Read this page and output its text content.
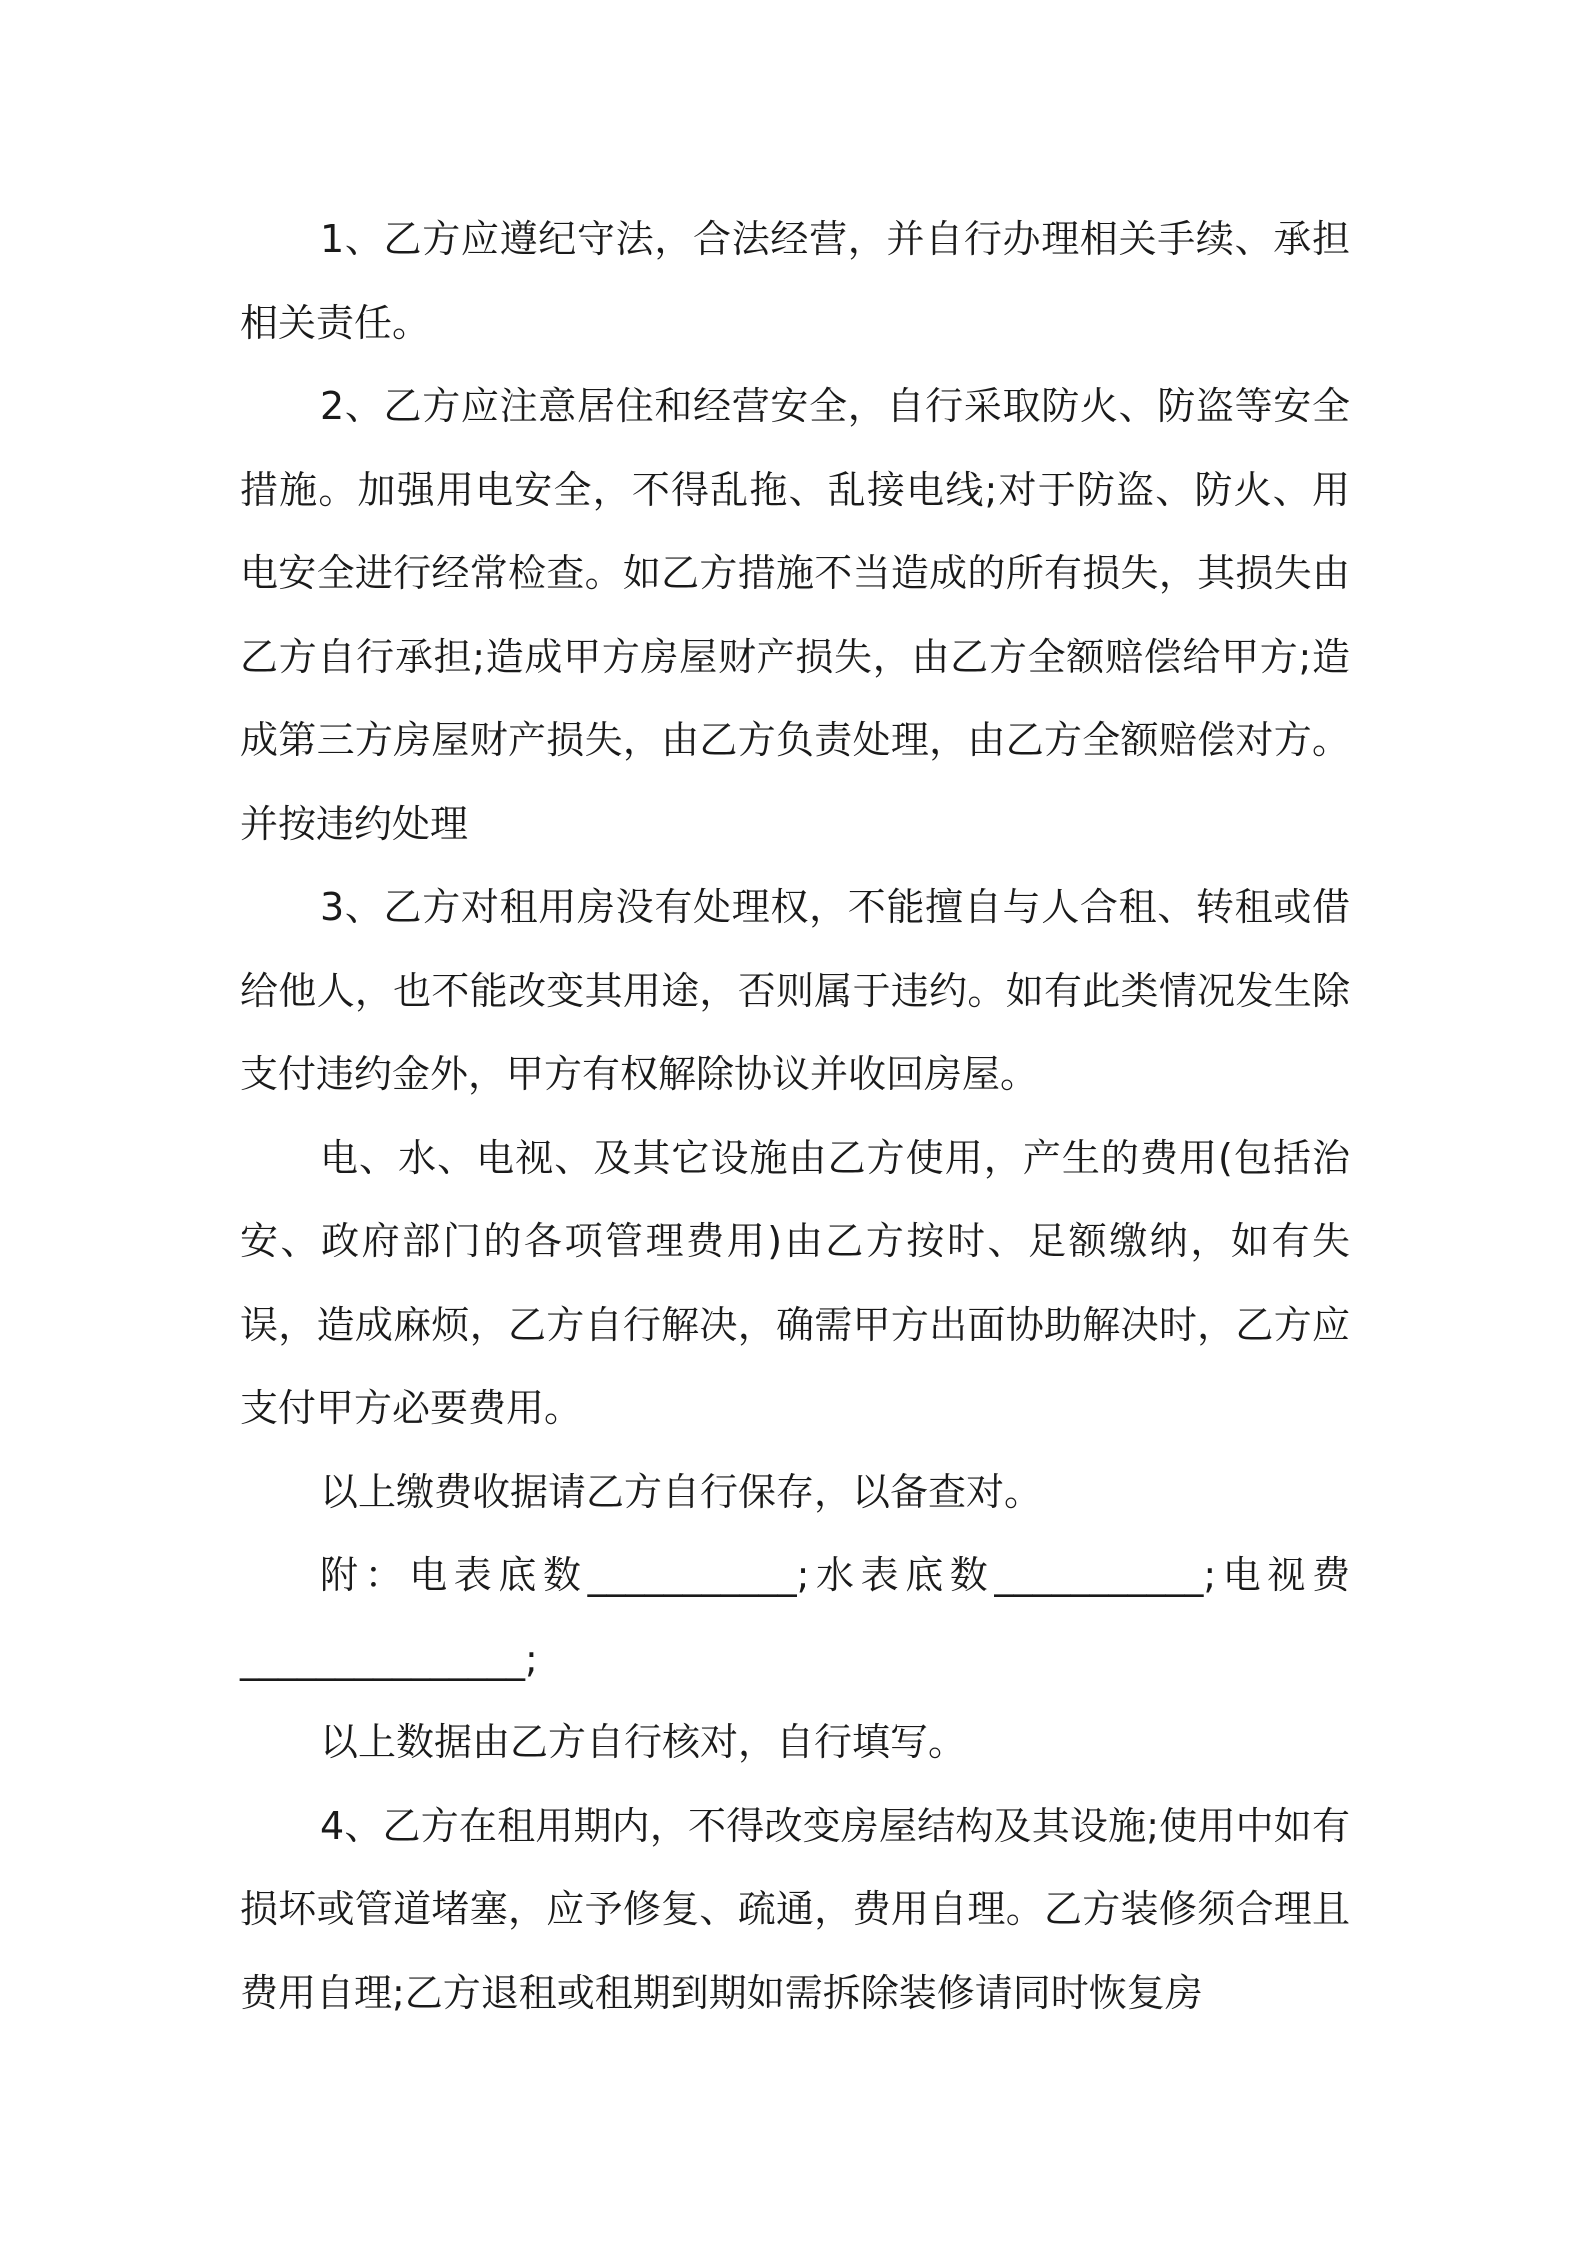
1、乙方应遵纪守法，合法经营，并自行办理相关手续、承担相关责任。

2、乙方应注意居住和经营安全，自行采取防火、防盗等安全措施。加强用电安全，不得乱拖、乱接电线;对于防盗、防火、用电安全进行经常检查。如乙方措施不当造成的所有损失，其损失由乙方自行承担;造成甲方房屋财产损失，由乙方全额赔偿给甲方;造成第三方房屋财产损失，由乙方负责处理，由乙方全额赔偿对方。并按违约处理

3、乙方对租用房没有处理权，不能擅自与人合租、转租或借给他人，也不能改变其用途，否则属于违约。如有此类情况发生除支付违约金外，甲方有权解除协议并收回房屋。

电、水、电视、及其它设施由乙方使用，产生的费用(包括治安、政府部门的各项管理费用)由乙方按时、足额缴纳，如有失误，造成麻烦，乙方自行解决，确需甲方出面协助解决时，乙方应支付甲方必要费用。

以上缴费收据请乙方自行保存，以备查对。

附：电表底数___________;水表底数___________;电视费_______________;

以上数据由乙方自行核对，自行填写。

4、乙方在租用期内，不得改变房屋结构及其设施;使用中如有损坏或管道堵塞，应予修复、疏通，费用自理。乙方装修须合理且费用自理;乙方退租或租期到期如需拆除装修请同时恢复房
